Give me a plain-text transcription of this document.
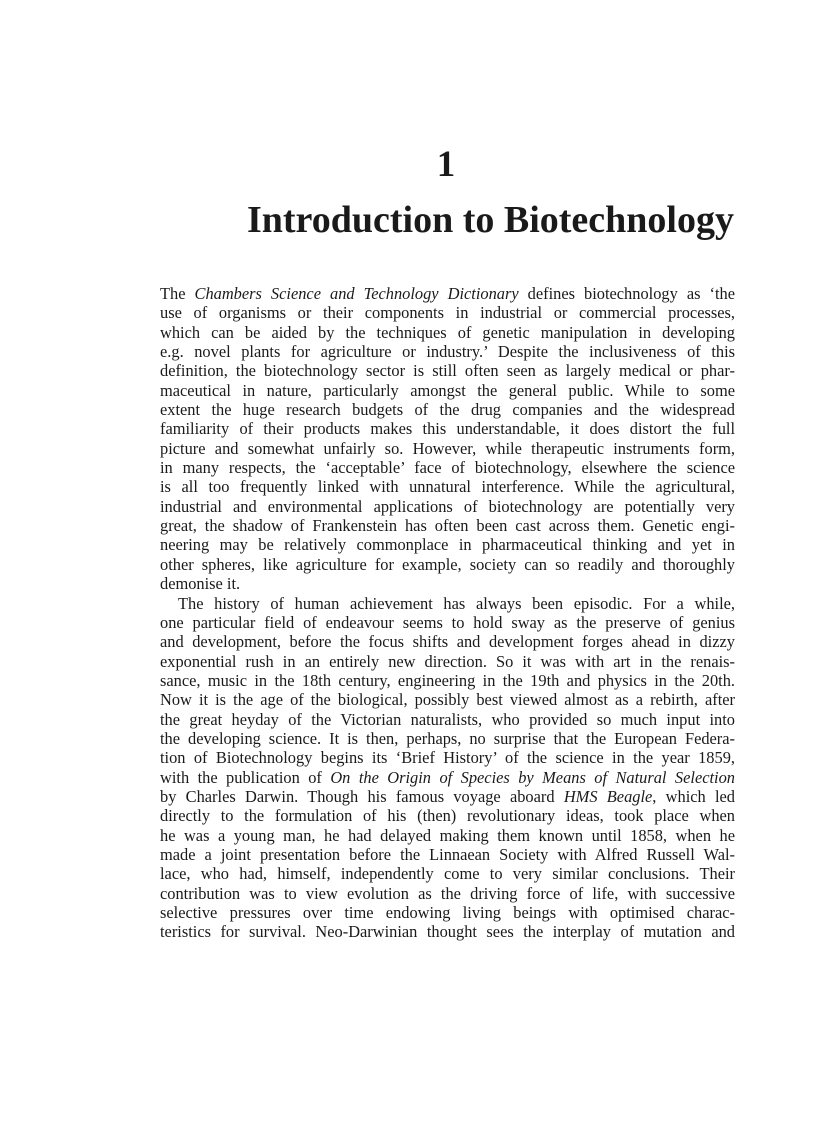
1
Introduction to Biotechnology

The Chambers Science and Technology Dictionary defines biotechnology as ‘the
use of organisms or their components in industrial or commercial processes,
which can be aided by the techniques of genetic manipulation in developing
e.g. novel plants for agriculture or industry.’ Despite the inclusiveness of this
definition, the biotechnology sector is still often seen as largely medical or phar-
maceutical in nature, particularly amongst the general public. While to some
extent the huge research budgets of the drug companies and the widespread
familiarity of their products makes this understandable, it does distort the full
picture and somewhat unfairly so. However, while therapeutic instruments form,
in many respects, the ‘acceptable’ face of biotechnology, elsewhere the science
is all too frequently linked with unnatural interference. While the agricultural,
industrial and environmental applications of biotechnology are potentially very
great, the shadow of Frankenstein has often been cast across them. Genetic engi-
neering may be relatively commonplace in pharmaceutical thinking and yet in
other spheres, like agriculture for example, society can so readily and thoroughly
demonise it.

The history of human achievement has always been episodic. For a while,
one particular field of endeavour seems to hold sway as the preserve of genius
and development, before the focus shifts and development forges ahead in dizzy
exponential rush in an entirely new direction. So it was with art in the renais-
sance, music in the 18th century, engineering in the 19th and physics in the 20th.
Now it is the age of the biological, possibly best viewed almost as a rebirth, after
the great heyday of the Victorian naturalists, who provided so much input into
the developing science. It is then, perhaps, no surprise that the European Federa-
tion of Biotechnology begins its ‘Brief History’ of the science in the year 1859,
with the publication of On the Origin of Species by Means of Natural Selection
by Charles Darwin. Though his famous voyage aboard HMS Beagle, which led
directly to the formulation of his (then) revolutionary ideas, took place when
he was a young man, he had delayed making them known until 1858, when he
made a joint presentation before the Linnaean Society with Alfred Russell Wal-
lace, who had, himself, independently come to very similar conclusions. Their
contribution was to view evolution as the driving force of life, with successive
selective pressures over time endowing living beings with optimised charac-
teristics for survival. Neo-Darwinian thought sees the interplay of mutation and
